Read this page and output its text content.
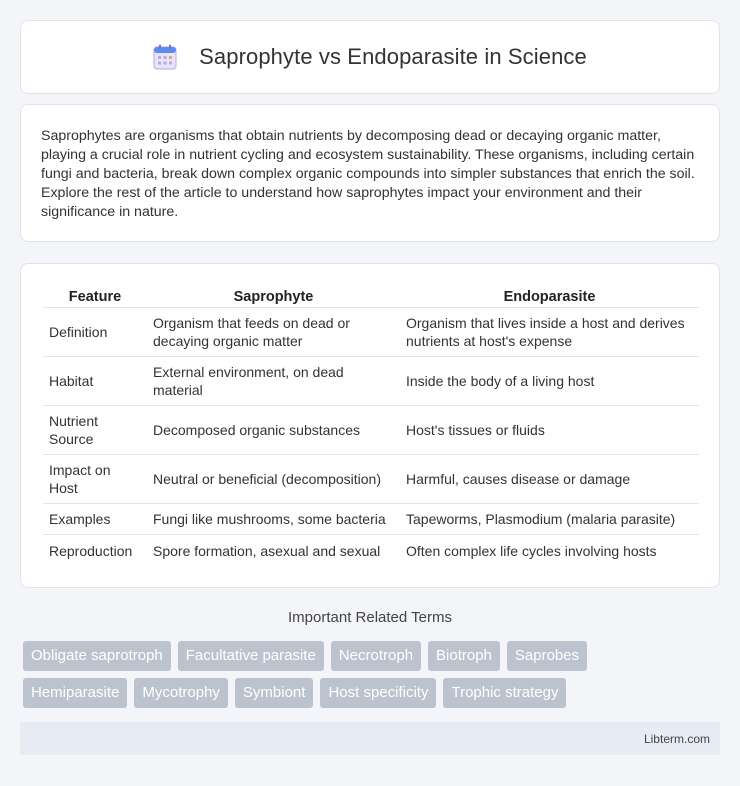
Saprophyte vs Endoparasite in Science

Saprophytes are organisms that obtain nutrients by decomposing dead or decaying organic matter, playing a crucial role in nutrient cycling and ecosystem sustainability. These organisms, including certain fungi and bacteria, break down complex organic compounds into simpler substances that enrich the soil. Explore the rest of the article to understand how saprophytes impact your environment and their significance in nature.

Feature	Saprophyte	Endoparasite
Definition	Organism that feeds on dead or decaying organic matter	Organism that lives inside a host and derives nutrients at host's expense
Habitat	External environment, on dead material	Inside the body of a living host
Nutrient Source	Decomposed organic substances	Host's tissues or fluids
Impact on Host	Neutral or beneficial (decomposition)	Harmful, causes disease or damage
Examples	Fungi like mushrooms, some bacteria	Tapeworms, Plasmodium (malaria parasite)
Reproduction	Spore formation, asexual and sexual	Often complex life cycles involving hosts
Important Related Terms
Obligate saprotroph	Facultative parasite	Necrotroph	Biotroph	Saprobes
Hemiparasite	Mycotrophy	Symbiont	Host specificity	Trophic strategy
Libterm.com
